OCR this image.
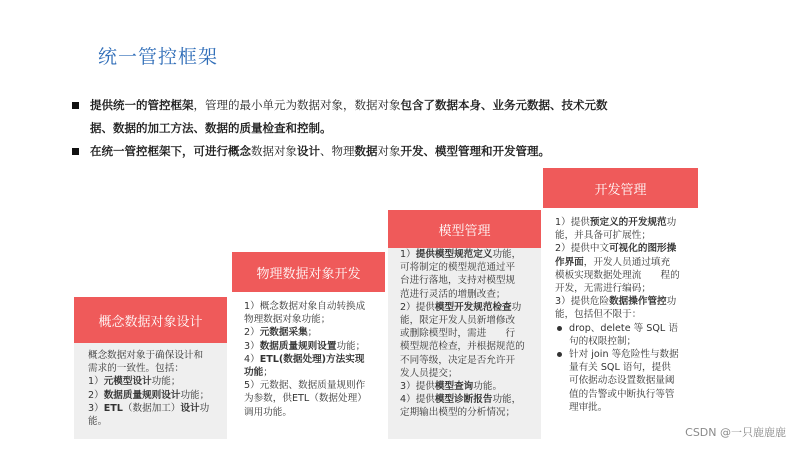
统一管控框架
提供统一的管控框架，管理的最小单元为数据对象，数据对象包含了数据本身、业务元数据、技术元数
据、数据的加工方法、数据的质量检查和控制。
在统一管控框架下，可进行概念数据对象设计、物理数据对象开发、模型管理和开发管理。
概念数据对象设计
概念数据对象于确保设计和
需求的一致性。包括：
1）元模型设计功能；
2）数据质量规则设计功能；
3）ETL（数据加工）设计功
能。
物理数据对象开发
1）概念数据对象自动转换成
物理数据对象功能；
2）元数据采集；
3）数据质量规则设置功能；
4）ETL(数据处理)方法实现
功能；
5）元数据、数据质量规则作
为参数，供ETL（数据处理）
调用功能。
模型管理
1）提供模型规范定义功能，
可将制定的模型规范通过平
台进行落地，支持对模型规
范进行灵活的增删改查；
2）提供模型开发规范检查功
能，限定开发人员新增修改
或删除模型时，需进　　行
模型规范检查，并根据规范的
不同等级，决定是否允许开
发人员提交；
3）提供模型查询功能。
4）提供模型诊断报告功能，
定期输出模型的分析情况；
开发管理
1）提供预定义的开发规范功
能，并具备可扩展性；
2）提供中文可视化的图形操
作界面，开发人员通过填充
模板实现数据处理流　　程的
开发，无需进行编码；
3）提供危险数据操作管控功
能，包括但不限于：
drop、delete 等 SQL 语
句的权限控制；
针对 join 等危险性与数据
量有关 SQL 语句，提供
可依据动态设置数据量阈
值的告警或中断执行等管
理审批。
CSDN @一只鹿鹿鹿
